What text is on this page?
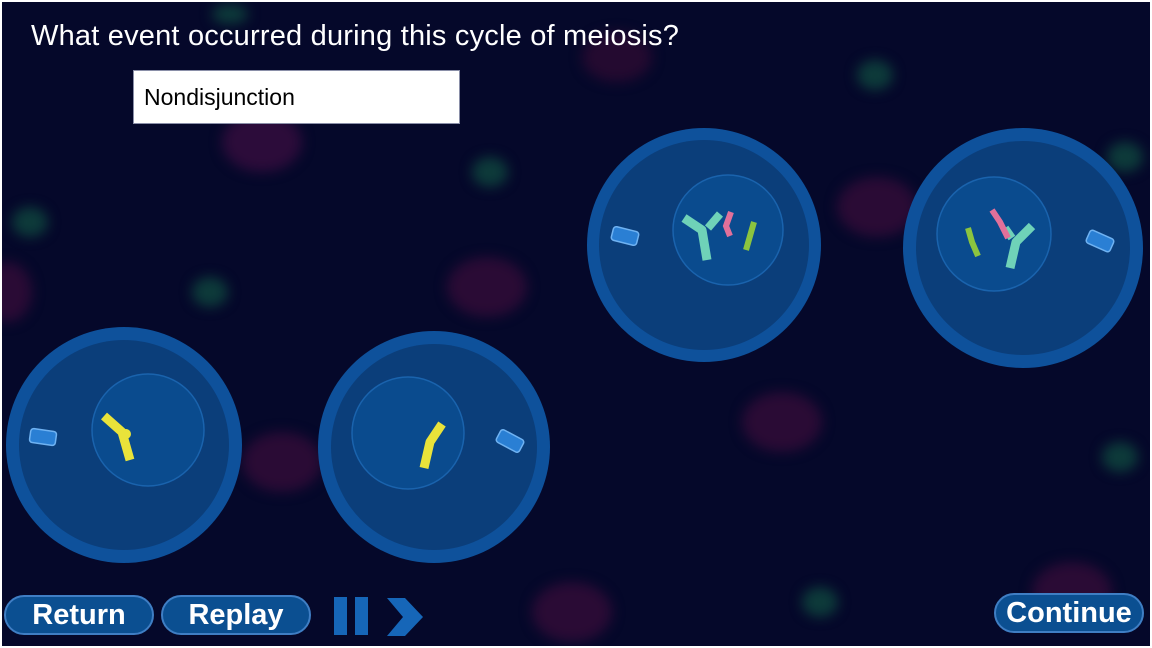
What event occurred during this cycle of meiosis?
Nondisjunction
Return	Replay	Continue
